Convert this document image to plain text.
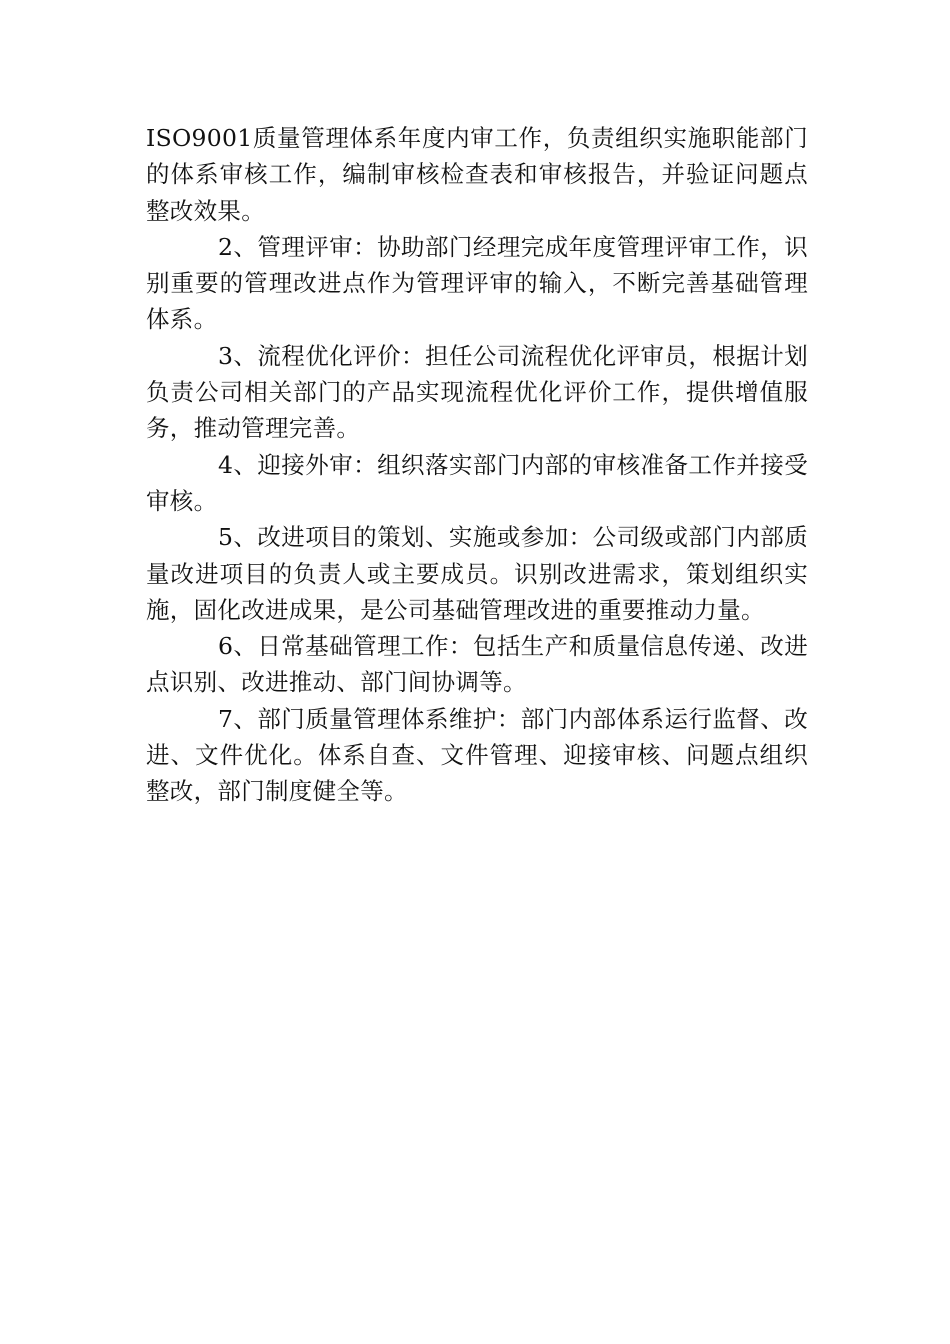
ISO9001质量管理体系年度内审工作，负责组织实施职能部门的体系审核工作，编制审核检查表和审核报告，并验证问题点整改效果。

2、管理评审：协助部门经理完成年度管理评审工作，识别重要的管理改进点作为管理评审的输入，不断完善基础管理体系。

3、流程优化评价：担任公司流程优化评审员，根据计划负责公司相关部门的产品实现流程优化评价工作，提供增值服务，推动管理完善。

4、迎接外审：组织落实部门内部的审核准备工作并接受审核。

5、改进项目的策划、实施或参加：公司级或部门内部质量改进项目的负责人或主要成员。识别改进需求，策划组织实施，固化改进成果，是公司基础管理改进的重要推动力量。

6、日常基础管理工作：包括生产和质量信息传递、改进点识别、改进推动、部门间协调等。

7、部门质量管理体系维护：部门内部体系运行监督、改进、文件优化。体系自查、文件管理、迎接审核、问题点组织整改，部门制度健全等。
